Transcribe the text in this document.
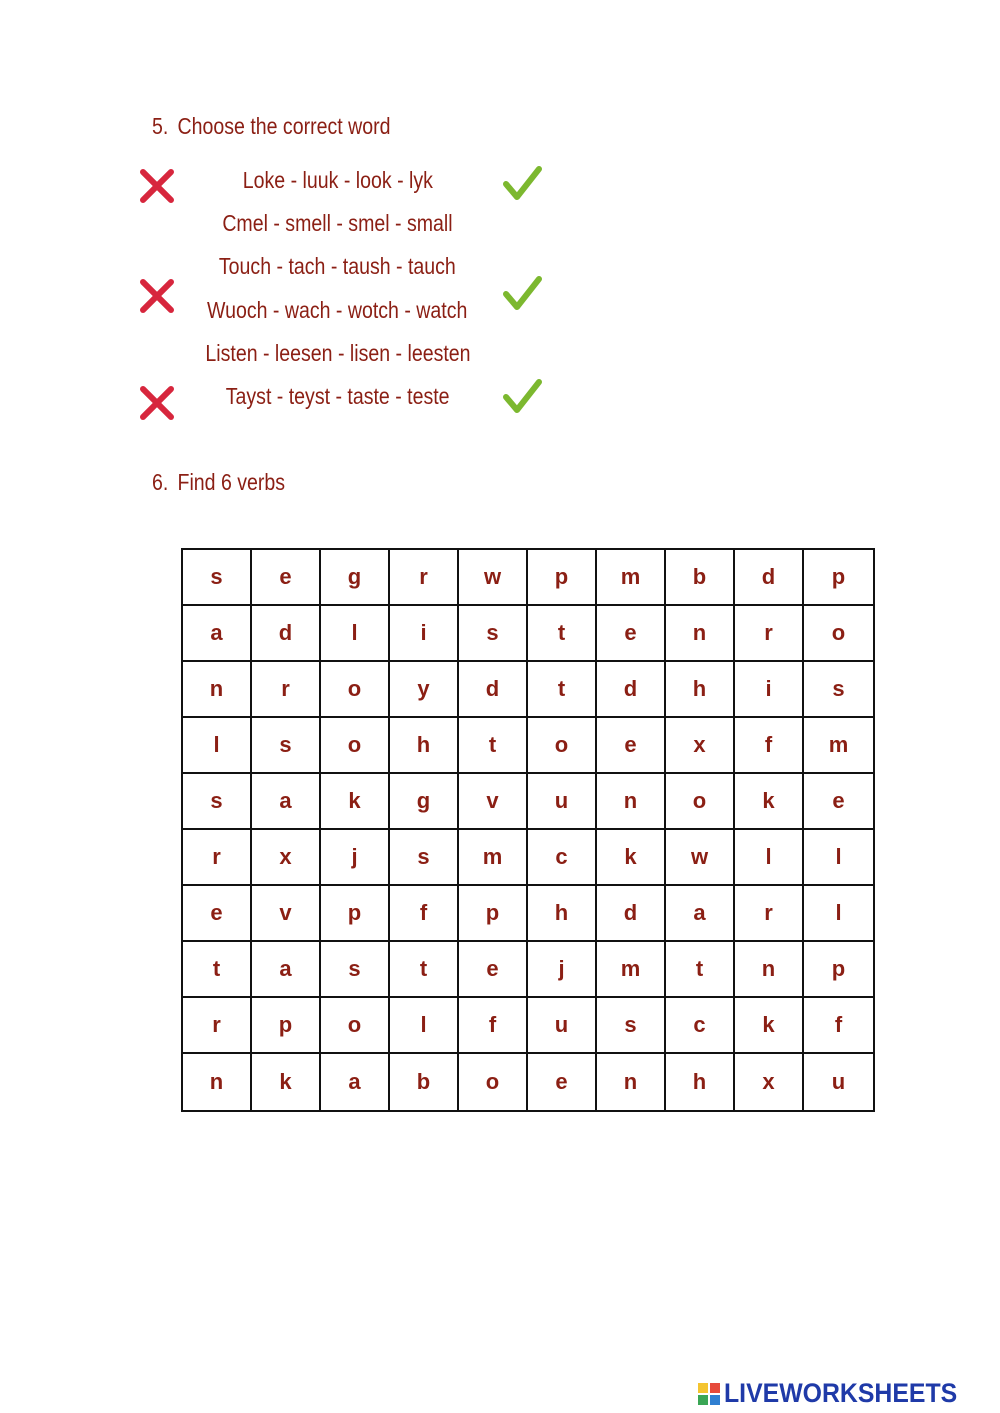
5. Choose the correct word
Loke - luuk - look - lyk
Cmel - smell - smel - small
Touch - tach - taush - tauch
Wuoch - wach - wotch - watch
Listen - leesen - lisen - leesten
Tayst - teyst - taste - teste
6. Find 6 verbs
s	e	g	r	w	p	m	b	d	p
a	d	l	i	s	t	e	n	r	o
n	r	o	y	d	t	d	h	i	s
l	s	o	h	t	o	e	x	f	m
s	a	k	g	v	u	n	o	k	e
r	x	j	s	m	c	k	w	l	l
e	v	p	f	p	h	d	a	r	l
t	a	s	t	e	j	m	t	n	p
r	p	o	l	f	u	s	c	k	f
n	k	a	b	o	e	n	h	x	u
LIVEWORKSHEETS
